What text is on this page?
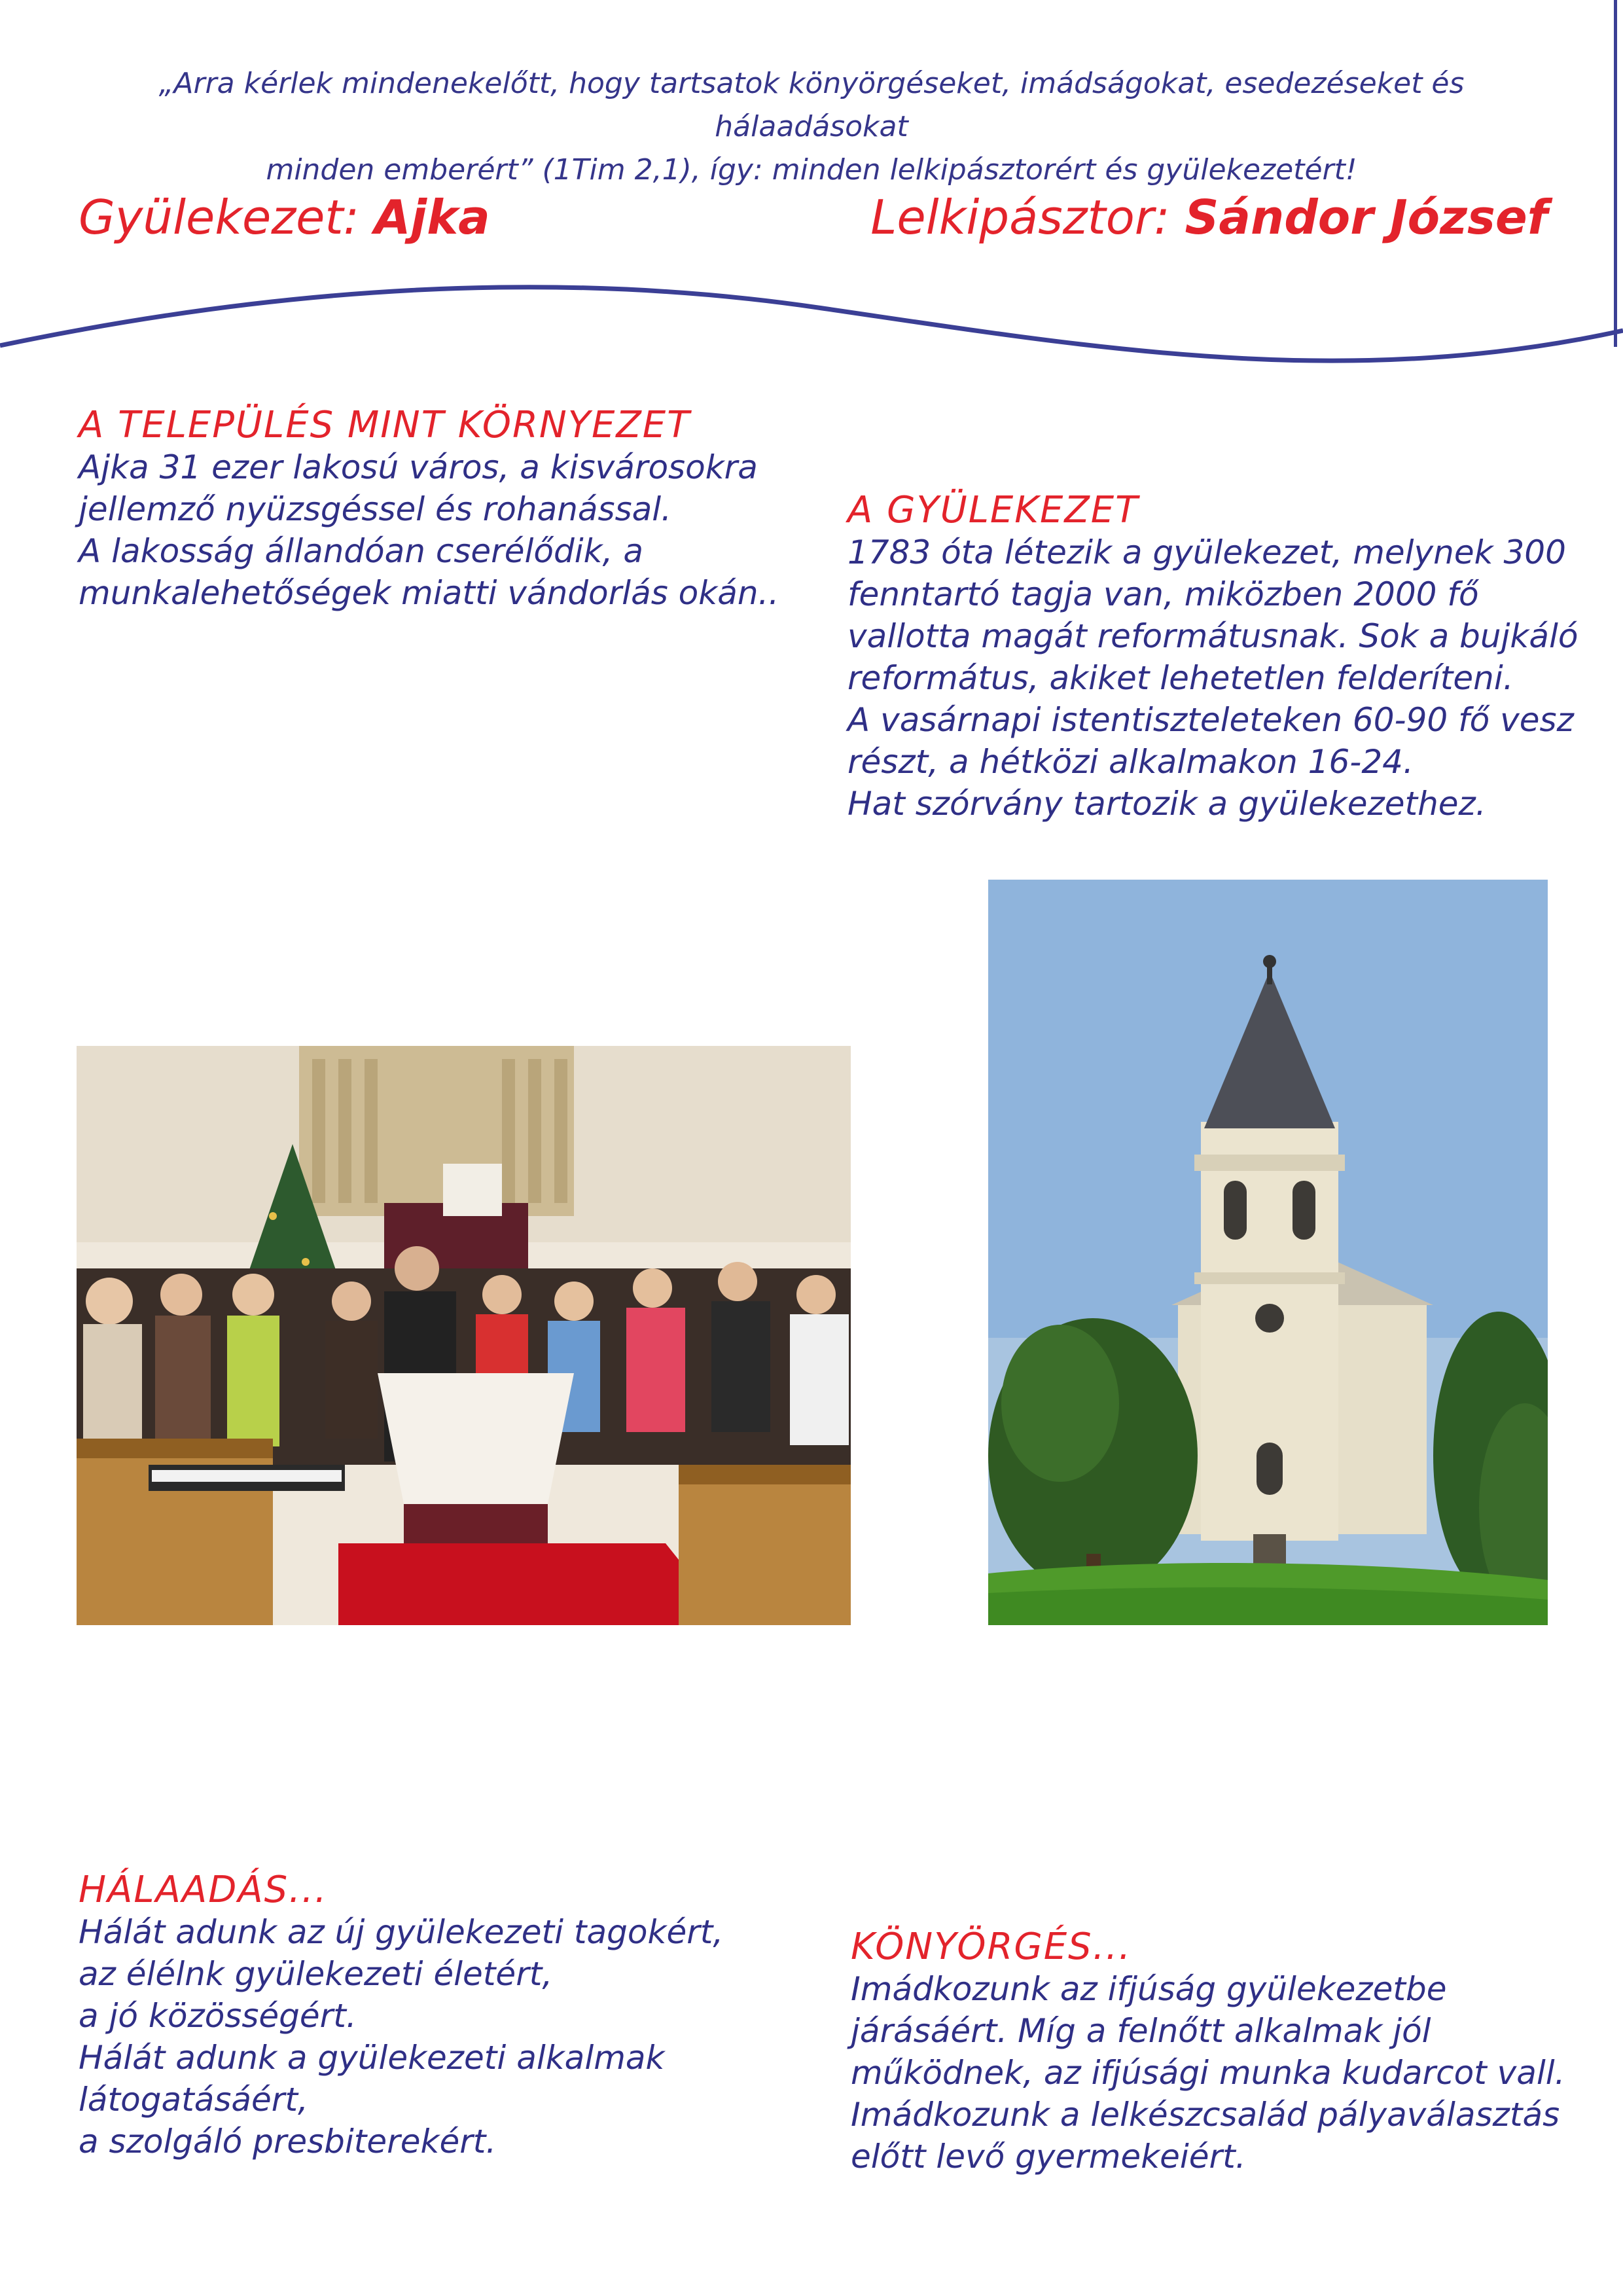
„Arra kérlek mindenekelőtt, hogy tartsatok könyörgéseket, imádságokat, esedezéseket és hálaadásokat
minden emberért” (1Tim 2,1), így: minden lelkipásztorért és gyülekezetért!
Gyülekezet: Ajka	Lelkipásztor: Sándor József
A TELEPÜLÉS MINT KÖRNYEZET

Ajka 31 ezer lakosú város, a kisvárosokra

jellemző nyüzsgéssel és rohanással.

A lakosság állandóan cserélődik, a

munkalehetőségek miatti vándorlás okán..

A GYÜLEKEZET

1783 óta létezik a gyülekezet, melynek 300

fenntartó tagja van, miközben 2000 fő

vallotta magát reformátusnak. Sok a bujkáló

református, akiket lehetetlen felderíteni.

A vasárnapi istentiszteleteken 60-90 fő vesz

részt, a hétközi alkalmakon 16-24.

Hat szórvány tartozik a gyülekezethez.

HÁLAADÁS...

Hálát adunk az új gyülekezeti tagokért,

az élélnk gyülekezeti életért,

a jó közösségért.

Hálát adunk a gyülekezeti alkalmak

látogatásáért,

a szolgáló presbiterekért.

KÖNYÖRGÉS...

Imádkozunk az ifjúság gyülekezetbe

járásáért. Míg a felnőtt alkalmak jól

működnek, az ifjúsági munka kudarcot vall.

Imádkozunk a lelkészcsalád pályaválasztás

előtt levő gyermekeiért.
